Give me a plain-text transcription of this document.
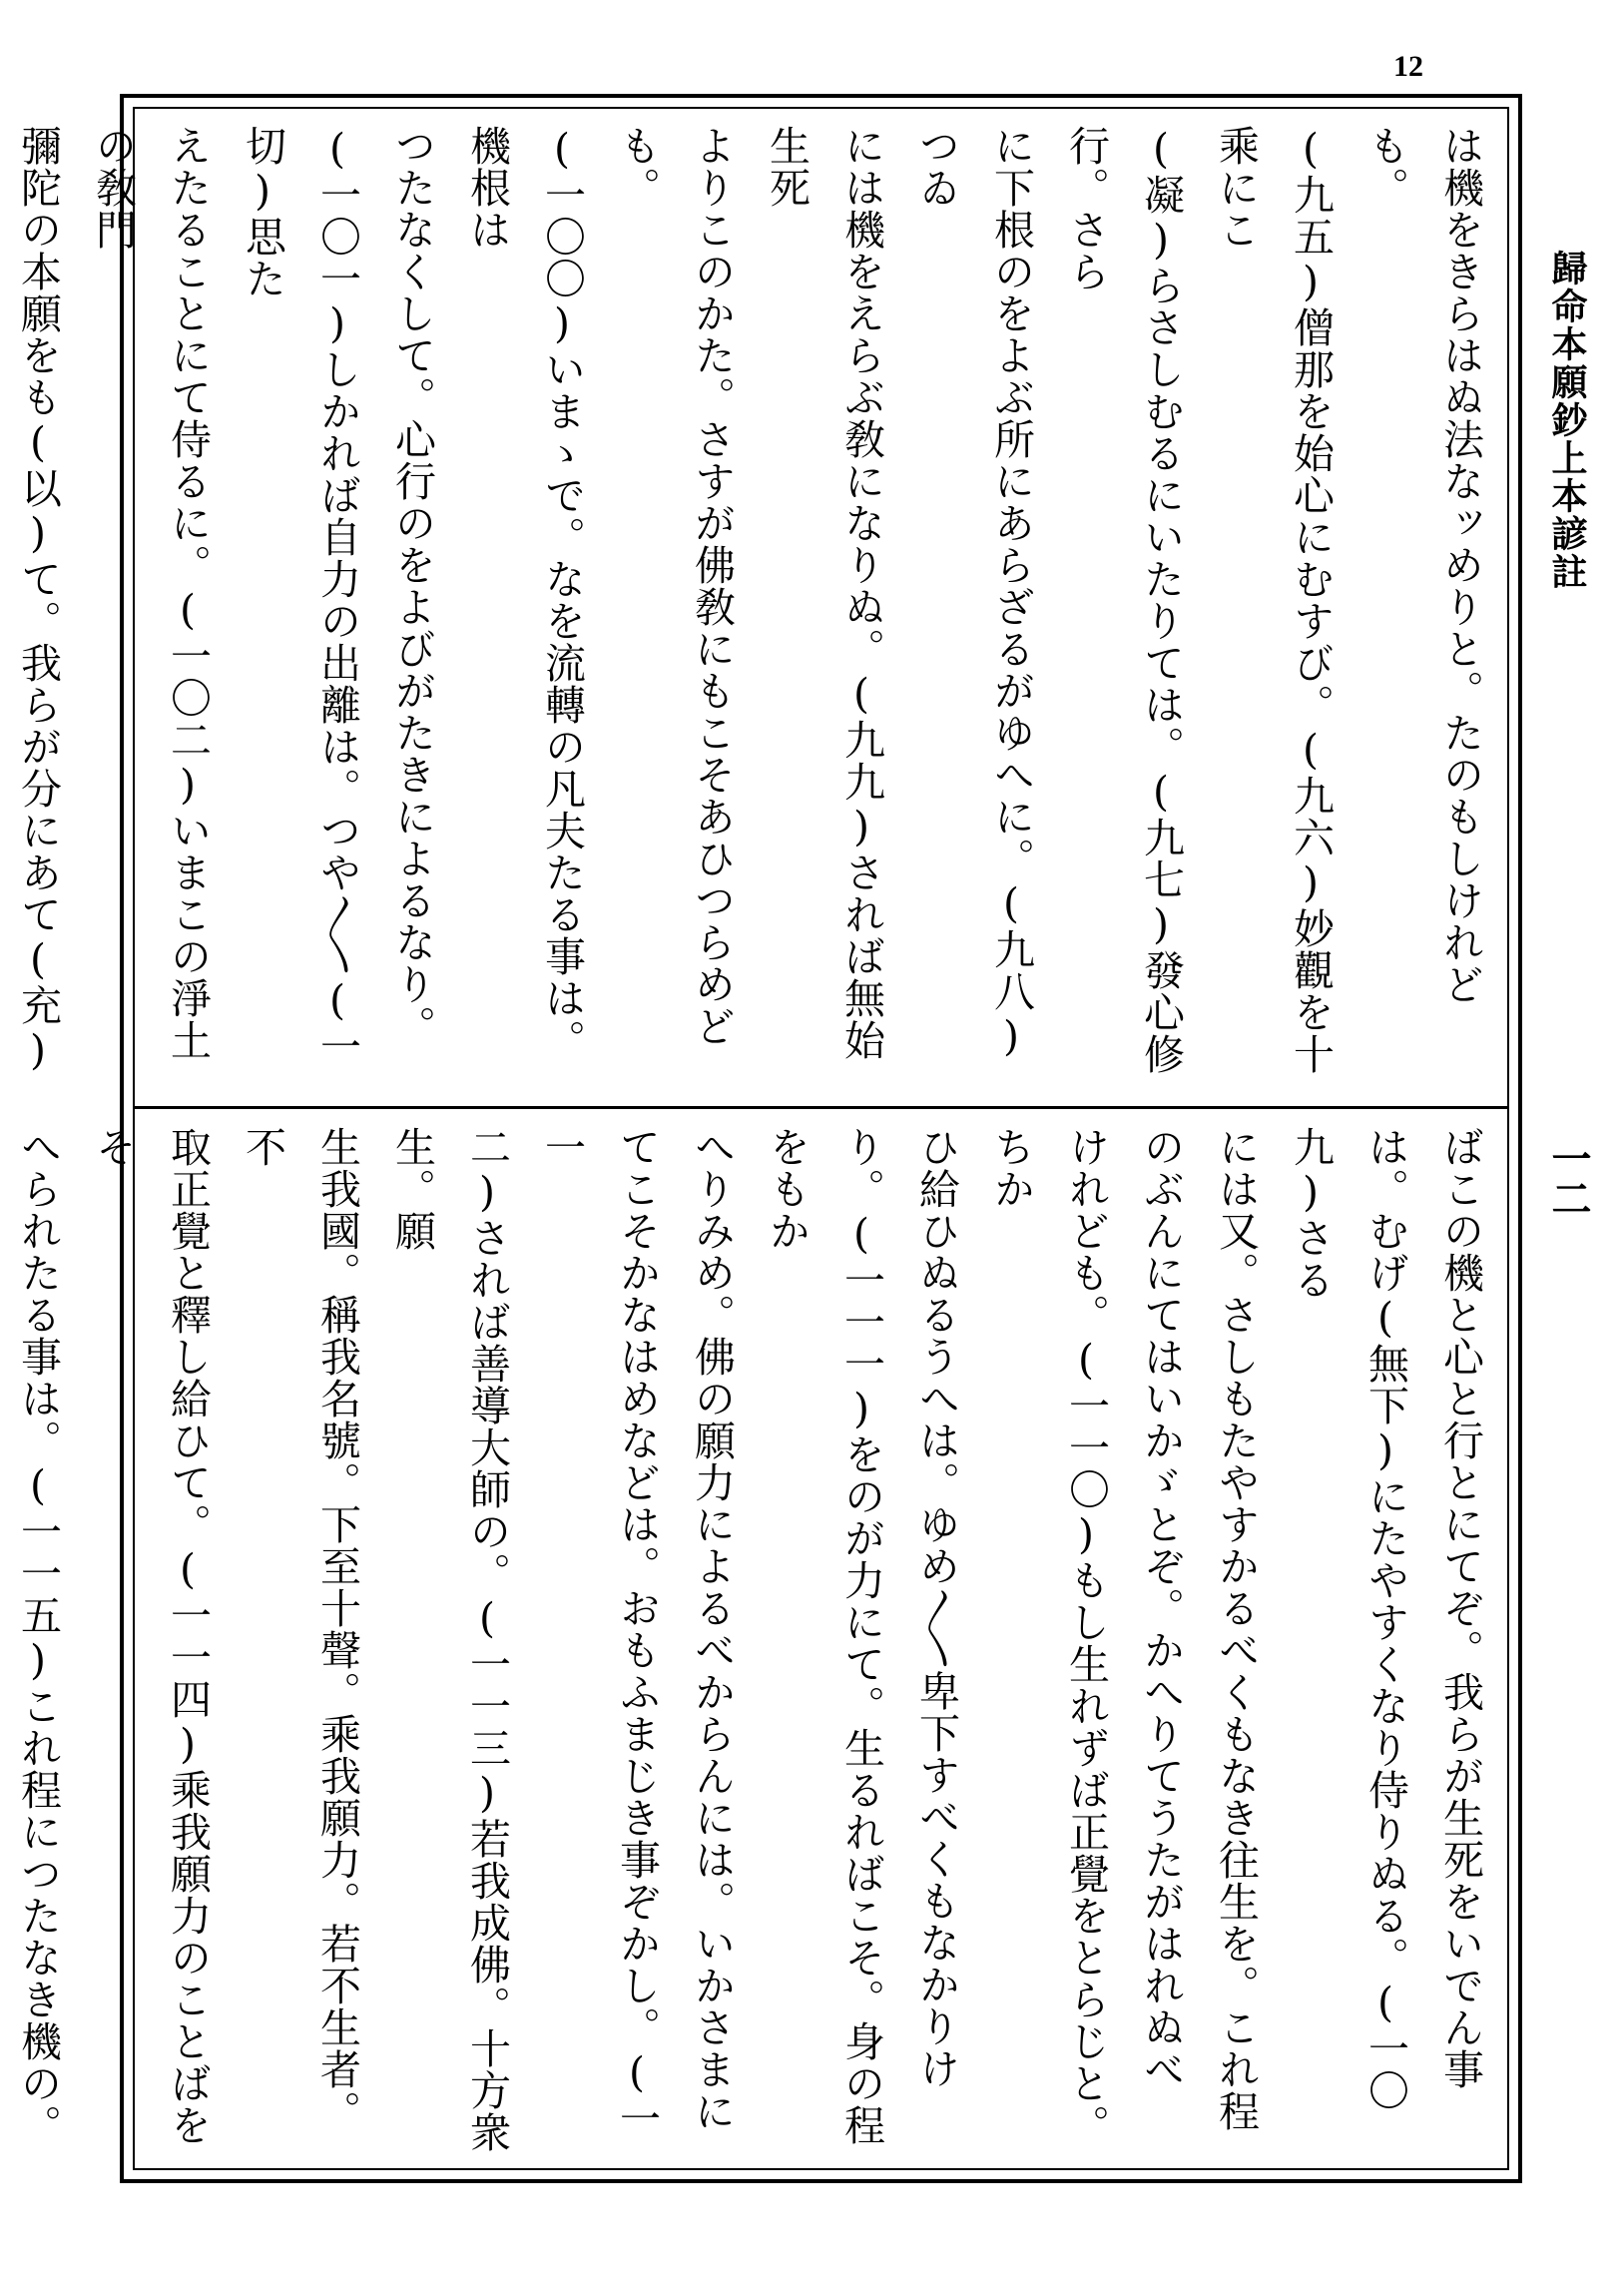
12
歸命本願鈔上本諺註
一二

は機をきらはぬ法なッめりと。たのもしけれども。

(九五)僧那を始心にむすび。(九六)妙觀を十乘にこ

(凝)らさしむるにいたりては。(九七)發心修行。さら

に下根のをよぶ所にあらざるがゆへに。(九八)つゐ

には機をえらぶ敎になりぬ。(九九)されば無始生死

よりこのかた。さすが佛敎にもこそあひつらめども。

(一〇〇)いまゝで。なを流轉の凡夫たる事は。機根は

つたなくして。心行のをよびがたきによるなり。

(一〇一)しかれば自力の出離は。つや〱(一切)思た

えたることにて侍るに。(一〇二)いまこの淨土の敎門

彌陀の本願をも(以)て。我らが分にあて(充)

ばこの機と心と行とにてぞ。我らが生死をいでん事

は。むげ(無下)にたやすくなり侍りぬる。(一〇九)さる

には又。さしもたやすかるべくもなき往生を。これ程

のぶんにてはいかゞとぞ。かへりてうたがはれぬべ

けれども。(一一〇)もし生れずば正覺をとらじと。ちか

ひ給ひぬるうへは。ゆめ〱卑下すべくもなかりけ

り。(一一一)をのが力にて。生るればこそ。身の程をもか

へりみめ。佛の願力によるべからんには。いかさまに

てこそかなはめなどは。おもふまじき事ぞかし。(一一

二)されば善導大師の。(一一三)若我成佛。十方衆生。願

生我國。稱我名號。下至十聲。乘我願力。若不生者。不

取正覺と釋し給ひて。(一一四)乘我願力のことばをそ

へられたる事は。(一一五)これ程につたなき機の。
